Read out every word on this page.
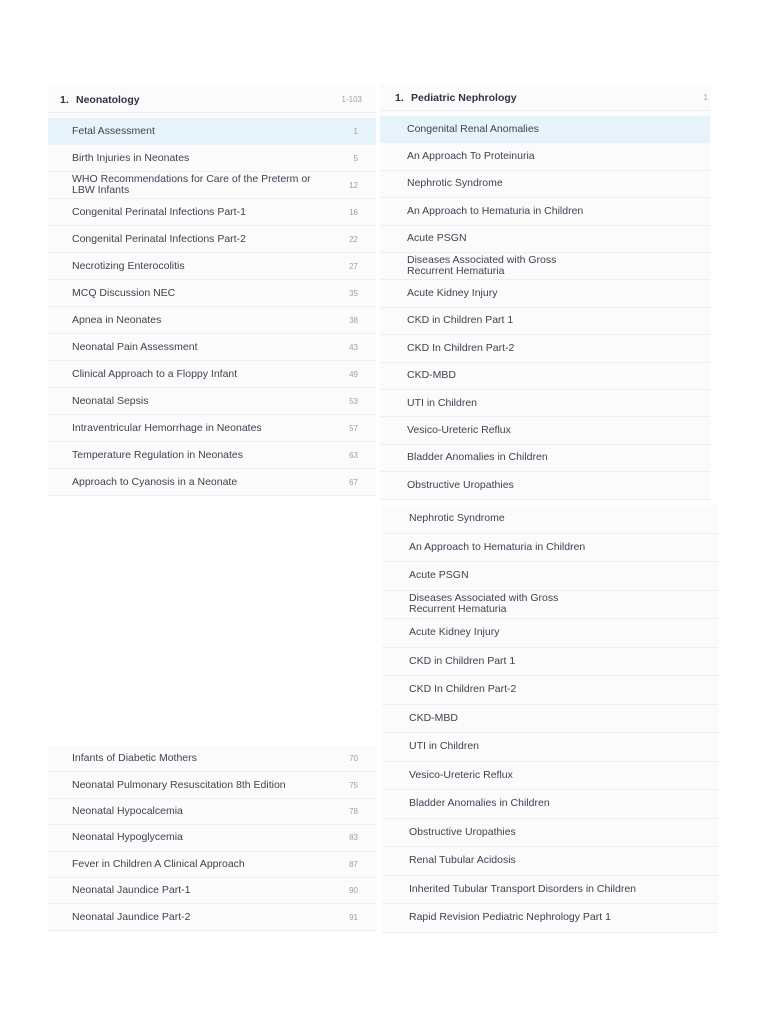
1. Neonatology	1-103
Fetal Assessment	1
Birth Injuries in Neonates	5
WHO Recommendations for Care of the Preterm or LBW Infants	12
Congenital Perinatal Infections Part-1	16
Congenital Perinatal Infections Part-2	22
Necrotizing Enterocolitis	27
MCQ Discussion NEC	35
Apnea in Neonates	38
Neonatal Pain Assessment	43
Clinical Approach to a Floppy Infant	49
Neonatal Sepsis	53
Intraventricular Hemorrhage in Neonates	57
Temperature Regulation in Neonates	63
Approach to Cyanosis in a Neonate	67
1. Pediatric Nephrology	1
Congenital Renal Anomalies
An Approach To Proteinuria
Nephrotic Syndrome
An Approach to Hematuria in Children
Acute PSGN
Diseases Associated with Gross Recurrent Hematuria
Acute Kidney Injury
CKD in Children Part 1
CKD In Children Part-2
CKD-MBD
UTI in Children
Vesico-Ureteric Reflux
Bladder Anomalies in Children
Obstructive Uropathies
Nephrotic Syndrome
An Approach to Hematuria in Children
Acute PSGN
Diseases Associated with Gross Recurrent Hematuria
Acute Kidney Injury
CKD in Children Part 1
CKD In Children Part-2
CKD-MBD
UTI in Children
Vesico-Ureteric Reflux
Bladder Anomalies in Children
Obstructive Uropathies
Renal Tubular Acidosis
Inherited Tubular Transport Disorders in Children
Rapid Revision Pediatric Nephrology Part 1
Infants of Diabetic Mothers	70
Neonatal Pulmonary Resuscitation 8th Edition	75
Neonatal Hypocalcemia	78
Neonatal Hypoglycemia	83
Fever in Children A Clinical Approach	87
Neonatal Jaundice Part-1	90
Neonatal Jaundice Part-2	91
